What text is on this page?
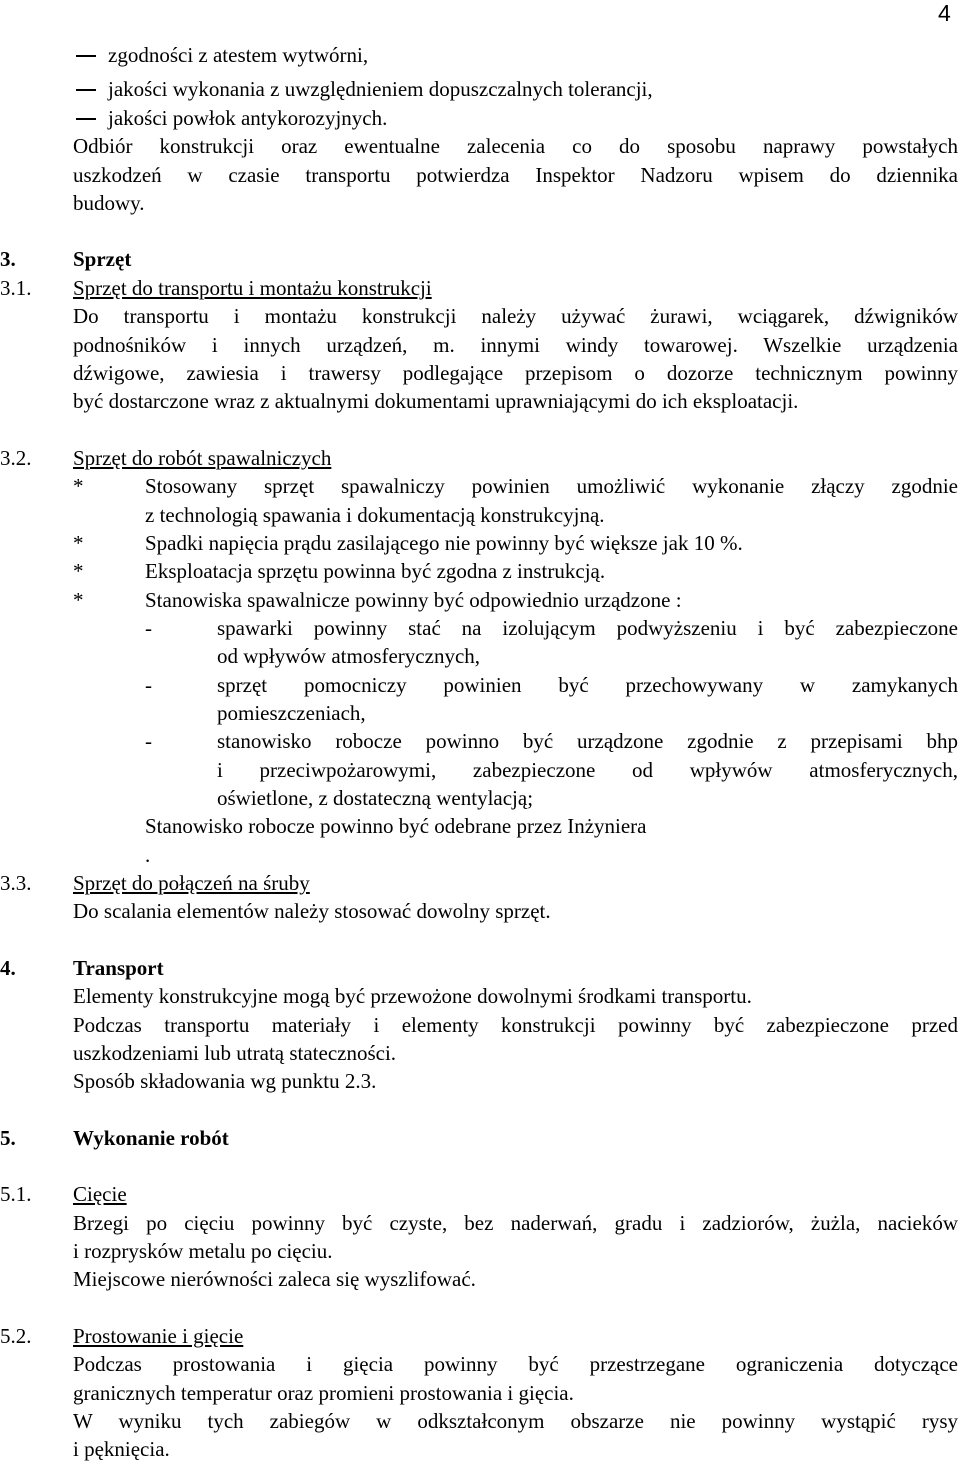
4
zgodności z atestem wytwórni,
jakości wykonania z uwzględnieniem dopuszczalnych tolerancji,
jakości powłok antykorozyjnych.
Odbiór konstrukcji oraz ewentualne zalecenia co do sposobu naprawy powstałych
uszkodzeń w czasie transportu potwierdza Inspektor Nadzoru wpisem do dziennika
budowy.
3.	Sprzęt
3.1. Sprzęt do transportu i montażu konstrukcji
Do transportu i montażu konstrukcji należy używać żurawi, wciągarek, dźwigników
podnośników i innych urządzeń, m. innymi windy towarowej. Wszelkie urządzenia
dźwigowe, zawiesia i trawersy podlegające przepisom o dozorze technicznym powinny
być dostarczone wraz z aktualnymi dokumentami uprawniającymi do ich eksploatacji.
3.2. Sprzęt do robót spawalniczych
*	Stosowany sprzęt spawalniczy powinien umożliwić wykonanie złączy zgodnie
z technologią spawania i dokumentacją konstrukcyjną.
*	Spadki napięcia prądu zasilającego nie powinny być większe jak 10 %.
*	Eksploatacja sprzętu powinna być zgodna z instrukcją.
*	Stanowiska spawalnicze powinny być odpowiednio urządzone :
-	spawarki powinny stać na izolującym podwyższeniu i być zabezpieczone
od wpływów atmosferycznych,
-	sprzęt pomocniczy powinien być przechowywany w zamykanych
pomieszczeniach,
-	stanowisko robocze powinno być urządzone zgodnie z przepisami bhp
i przeciwpożarowymi, zabezpieczone od wpływów atmosferycznych,
oświetlone, z dostateczną wentylacją;
Stanowisko robocze powinno być odebrane przez Inżyniera
.
3.3. Sprzęt do połączeń na śruby
Do scalania elementów należy stosować dowolny sprzęt.
4.	Transport
Elementy konstrukcyjne mogą być przewożone dowolnymi środkami transportu.
Podczas transportu materiały i elementy konstrukcji powinny być zabezpieczone przed
uszkodzeniami lub utratą stateczności.
Sposób składowania wg punktu 2.3.
5.	Wykonanie robót
5.1. Cięcie
Brzegi po cięciu powinny być czyste, bez naderwań, gradu i zadziorów, żużla, nacieków
i rozprysków metalu po cięciu.
Miejscowe nierówności zaleca się wyszlifować.
5.2. Prostowanie i gięcie
Podczas prostowania i gięcia powinny być przestrzegane ograniczenia dotyczące
granicznych temperatur oraz promieni prostowania i gięcia.
W wyniku tych zabiegów w odkształconym obszarze nie powinny wystąpić rysy
i pęknięcia.
